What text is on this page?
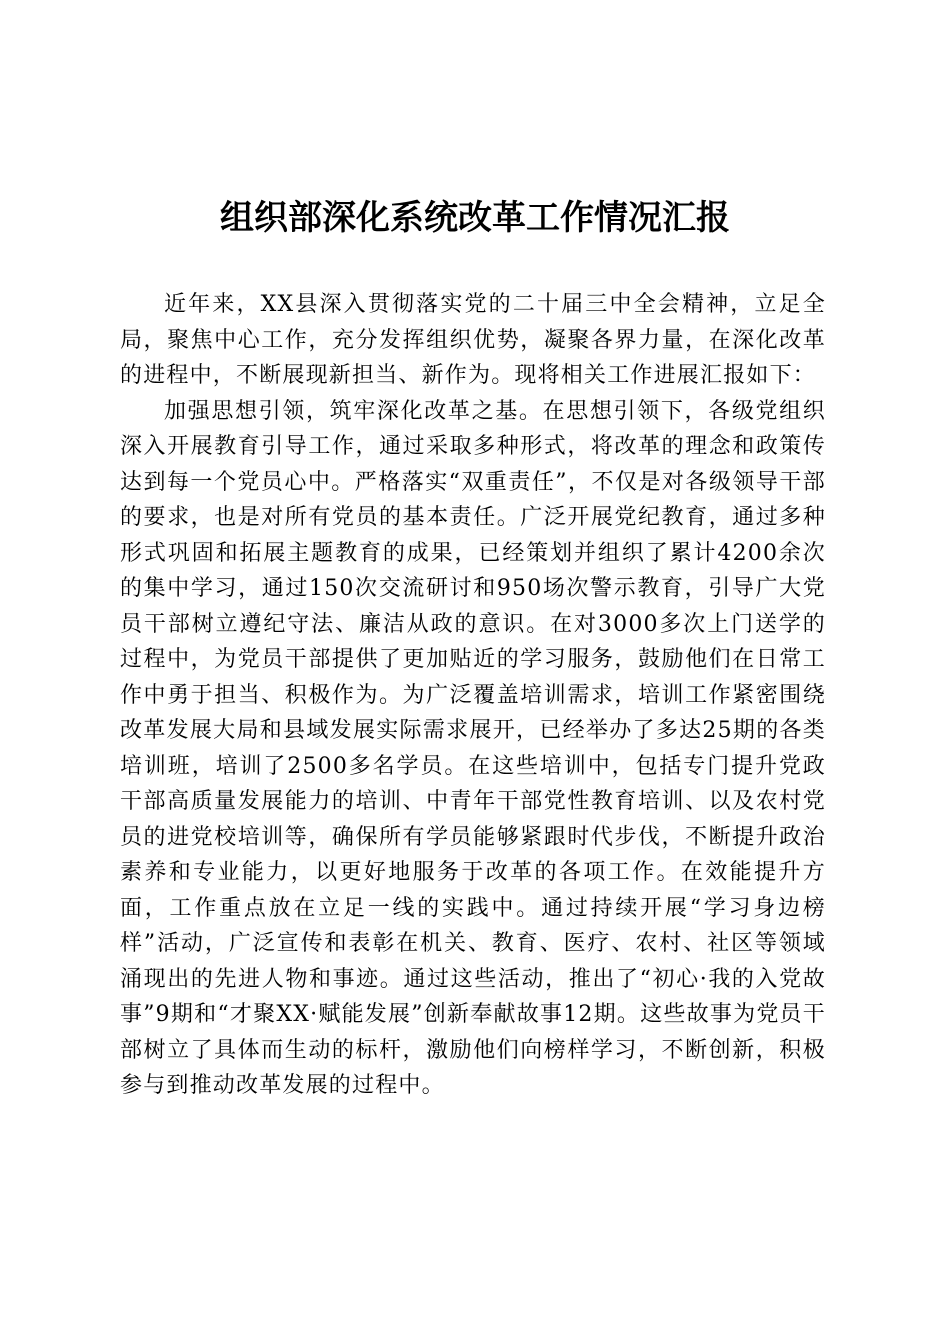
组织部深化系统改革工作情况汇报

近年来，XX县深入贯彻落实党的二十届三中全会精神，立足全局，聚焦中心工作，充分发挥组织优势，凝聚各界力量，在深化改革的进程中，不断展现新担当、新作为。现将相关工作进展汇报如下：

加强思想引领，筑牢深化改革之基。在思想引领下，各级党组织深入开展教育引导工作，通过采取多种形式，将改革的理念和政策传达到每一个党员心中。严格落实“双重责任”，不仅是对各级领导干部的要求，也是对所有党员的基本责任。广泛开展党纪教育，通过多种形式巩固和拓展主题教育的成果，已经策划并组织了累计4200余次的集中学习，通过150次交流研讨和950场次警示教育，引导广大党员干部树立遵纪守法、廉洁从政的意识。在对3000多次上门送学的过程中，为党员干部提供了更加贴近的学习服务，鼓励他们在日常工作中勇于担当、积极作为。为广泛覆盖培训需求，培训工作紧密围绕改革发展大局和县域发展实际需求展开，已经举办了多达25期的各类培训班，培训了2500多名学员。在这些培训中，包括专门提升党政干部高质量发展能力的培训、中青年干部党性教育培训、以及农村党员的进党校培训等，确保所有学员能够紧跟时代步伐，不断提升政治素养和专业能力，以更好地服务于改革的各项工作。在效能提升方面，工作重点放在立足一线的实践中。通过持续开展“学习身边榜样”活动，广泛宣传和表彰在机关、教育、医疗、农村、社区等领域涌现出的先进人物和事迹。通过这些活动，推出了“初心·我的入党故事”9期和“才聚XX·赋能发展”创新奉献故事12期。这些故事为党员干部树立了具体而生动的标杆，激励他们向榜样学习，不断创新，积极参与到推动改革发展的过程中。
